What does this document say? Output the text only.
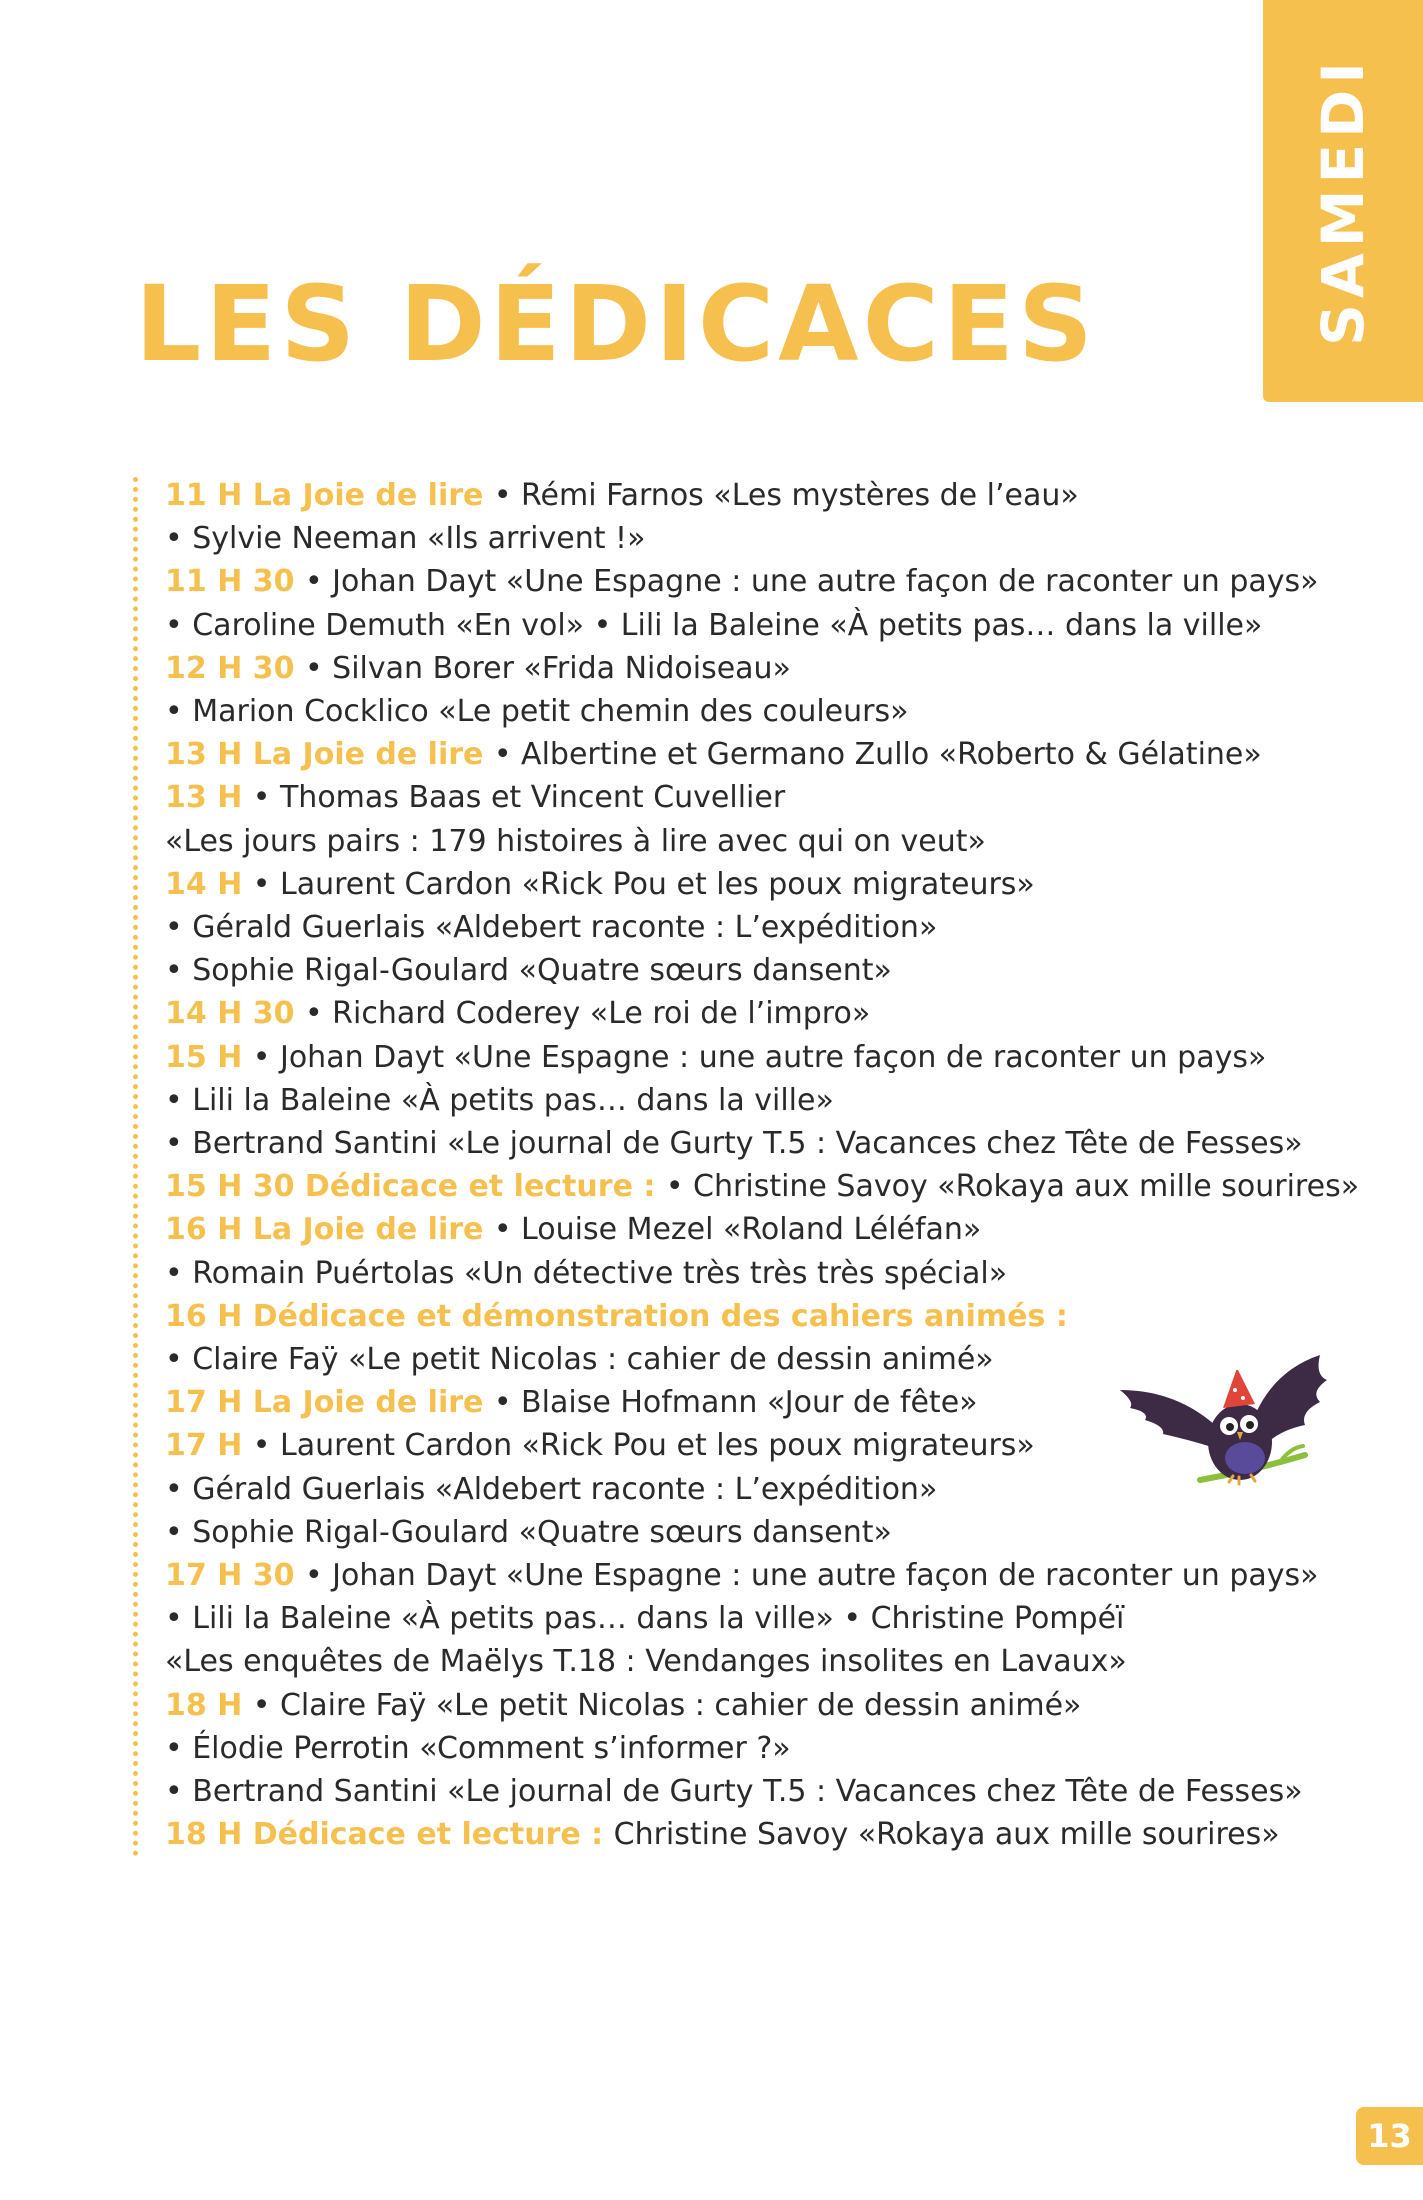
SAMEDI
LES DÉDICACES
11 H La Joie de lire • Rémi Farnos «Les mystères de l’eau»
• Sylvie Neeman «Ils arrivent !»
11 H 30 • Johan Dayt «Une Espagne : une autre façon de raconter un pays»
• Caroline Demuth «En vol» • Lili la Baleine «À petits pas… dans la ville»
12 H 30 • Silvan Borer «Frida Nidoiseau»
• Marion Cocklico «Le petit chemin des couleurs»
13 H La Joie de lire • Albertine et Germano Zullo «Roberto & Gélatine»
13 H • Thomas Baas et Vincent Cuvellier
«Les jours pairs : 179 histoires à lire avec qui on veut»
14 H • Laurent Cardon «Rick Pou et les poux migrateurs»
• Gérald Guerlais «Aldebert raconte : L’expédition»
• Sophie Rigal-Goulard «Quatre sœurs dansent»
14 H 30 • Richard Coderey «Le roi de l’impro»
15 H • Johan Dayt «Une Espagne : une autre façon de raconter un pays»
• Lili la Baleine «À petits pas… dans la ville»
• Bertrand Santini «Le journal de Gurty T.5 : Vacances chez Tête de Fesses»
15 H 30 Dédicace et lecture : • Christine Savoy «Rokaya aux mille sourires»
16 H La Joie de lire • Louise Mezel «Roland Léléfan»
• Romain Puértolas «Un détective très très très spécial»
16 H Dédicace et démonstration des cahiers animés :
• Claire Faÿ «Le petit Nicolas : cahier de dessin animé»
17 H La Joie de lire • Blaise Hofmann «Jour de fête»
17 H • Laurent Cardon «Rick Pou et les poux migrateurs»
• Gérald Guerlais «Aldebert raconte : L’expédition»
• Sophie Rigal-Goulard «Quatre sœurs dansent»
17 H 30 • Johan Dayt «Une Espagne : une autre façon de raconter un pays»
• Lili la Baleine «À petits pas… dans la ville» • Christine Pompéï
«Les enquêtes de Maëlys T.18 : Vendanges insolites en Lavaux»
18 H • Claire Faÿ «Le petit Nicolas : cahier de dessin animé»
• Élodie Perrotin «Comment s’informer ?»
• Bertrand Santini «Le journal de Gurty T.5 : Vacances chez Tête de Fesses»
18 H Dédicace et lecture : Christine Savoy «Rokaya aux mille sourires»
13
